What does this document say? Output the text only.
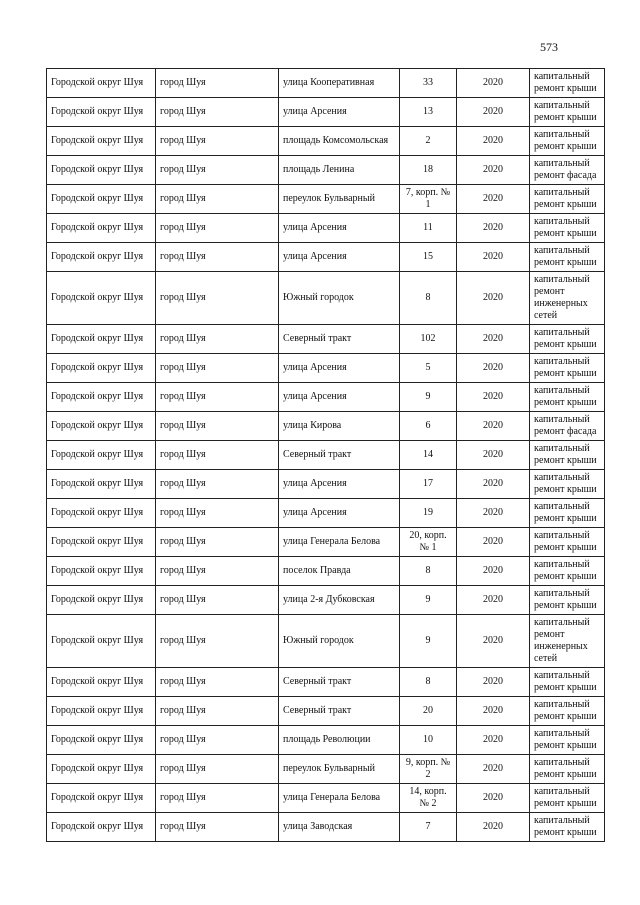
573
Городской округ Шуя	город Шуя	улица Кооперативная	33	2020	капитальный ремонт крыши
Городской округ Шуя	город Шуя	улица Арсения	13	2020	капитальный ремонт крыши
Городской округ Шуя	город Шуя	площадь Комсомольская	2	2020	капитальный ремонт крыши
Городской округ Шуя	город Шуя	площадь Ленина	18	2020	капитальный ремонт фасада
Городской округ Шуя	город Шуя	переулок Бульварный	7, корп. № 1	2020	капитальный ремонт крыши
Городской округ Шуя	город Шуя	улица Арсения	11	2020	капитальный ремонт крыши
Городской округ Шуя	город Шуя	улица Арсения	15	2020	капитальный ремонт крыши
Городской округ Шуя	город Шуя	Южный городок	8	2020	капитальный ремонт инженерных сетей
Городской округ Шуя	город Шуя	Северный тракт	102	2020	капитальный ремонт крыши
Городской округ Шуя	город Шуя	улица Арсения	5	2020	капитальный ремонт крыши
Городской округ Шуя	город Шуя	улица Арсения	9	2020	капитальный ремонт крыши
Городской округ Шуя	город Шуя	улица Кирова	6	2020	капитальный ремонт фасада
Городской округ Шуя	город Шуя	Северный тракт	14	2020	капитальный ремонт крыши
Городской округ Шуя	город Шуя	улица Арсения	17	2020	капитальный ремонт крыши
Городской округ Шуя	город Шуя	улица Арсения	19	2020	капитальный ремонт крыши
Городской округ Шуя	город Шуя	улица Генерала Белова	20, корп. № 1	2020	капитальный ремонт крыши
Городской округ Шуя	город Шуя	поселок Правда	8	2020	капитальный ремонт крыши
Городской округ Шуя	город Шуя	улица 2-я Дубковская	9	2020	капитальный ремонт крыши
Городской округ Шуя	город Шуя	Южный городок	9	2020	капитальный ремонт инженерных сетей
Городской округ Шуя	город Шуя	Северный тракт	8	2020	капитальный ремонт крыши
Городской округ Шуя	город Шуя	Северный тракт	20	2020	капитальный ремонт крыши
Городской округ Шуя	город Шуя	площадь Революции	10	2020	капитальный ремонт крыши
Городской округ Шуя	город Шуя	переулок Бульварный	9, корп. № 2	2020	капитальный ремонт крыши
Городской округ Шуя	город Шуя	улица Генерала Белова	14, корп. № 2	2020	капитальный ремонт крыши
Городской округ Шуя	город Шуя	улица Заводская	7	2020	капитальный ремонт крыши
